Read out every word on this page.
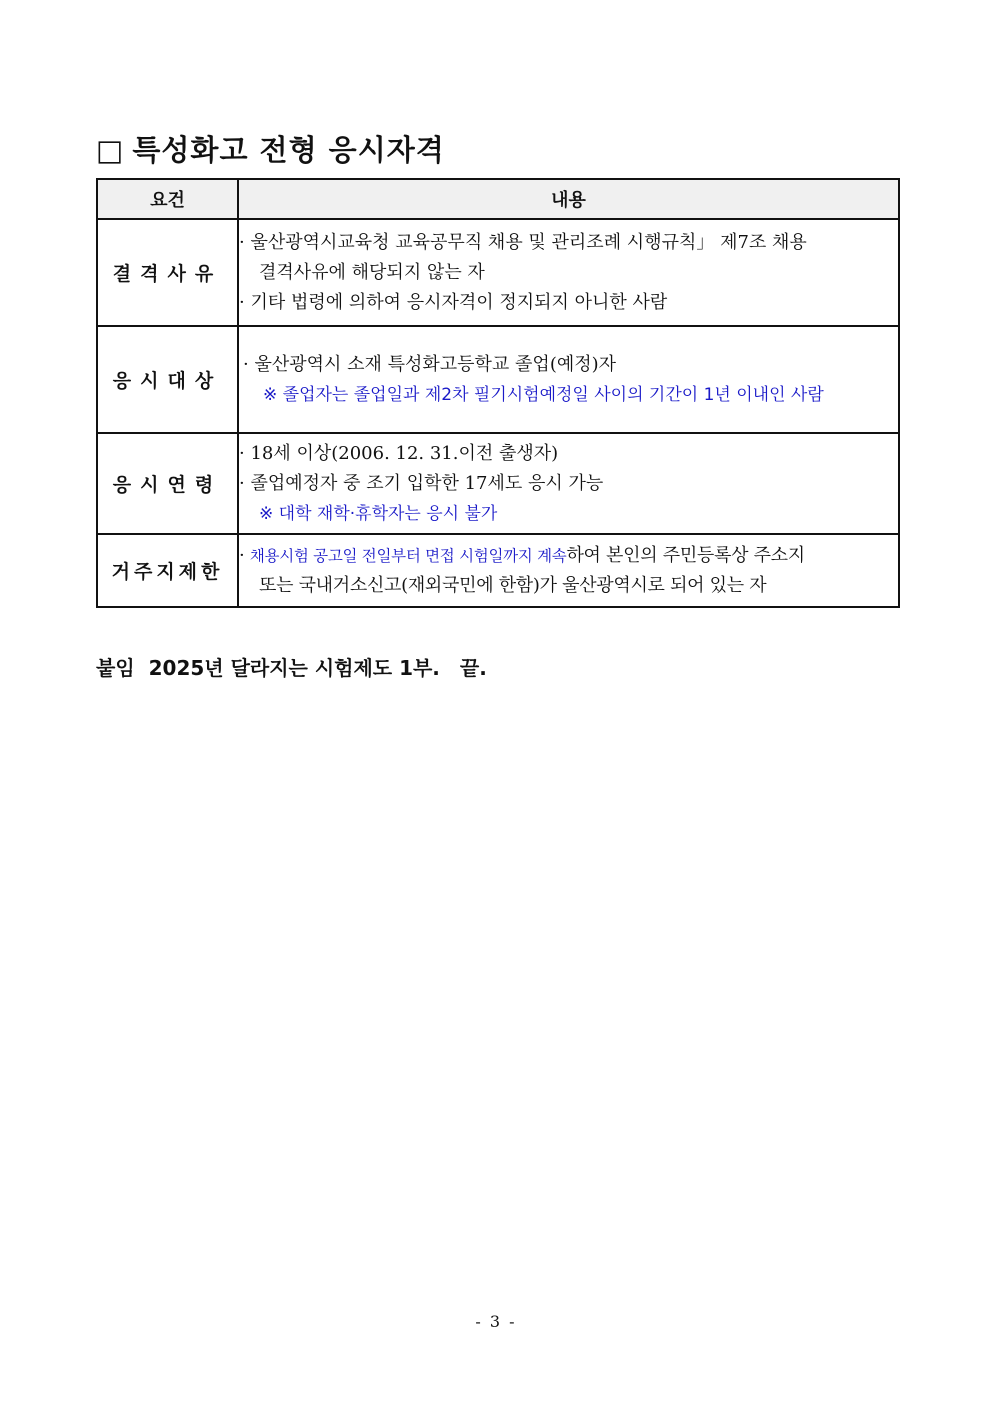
□ 특성화고 전형 응시자격
요건	내용
결격사유	· 울산광역시교육청 교육공무직 채용 및 관리조례 시행규칙」 제7조 채용
결격사유에 해당되지 않는 자
· 기타 법령에 의하여 응시자격이 정지되지 아니한 사람

응시대상	· 울산광역시 소재 특성화고등학교 졸업(예정)자
※ 졸업자는 졸업일과 제2차 필기시험예정일 사이의 기간이 1년 이내인 사람

응시연령	· 18세 이상(2006. 12. 31.이전 출생자)
· 졸업예정자 중 조기 입학한 17세도 응시 가능
※ 대학 재학·휴학자는 응시 불가

거주지제한	· 채용시험 공고일 전일부터 면접 시험일까지 계속하여 본인의 주민등록상 주소지
또는 국내거소신고(재외국민에 한함)가 울산광역시로 되어 있는 자
붙임 2025년 달라지는 시험제도 1부. 끝.
- 3 -
